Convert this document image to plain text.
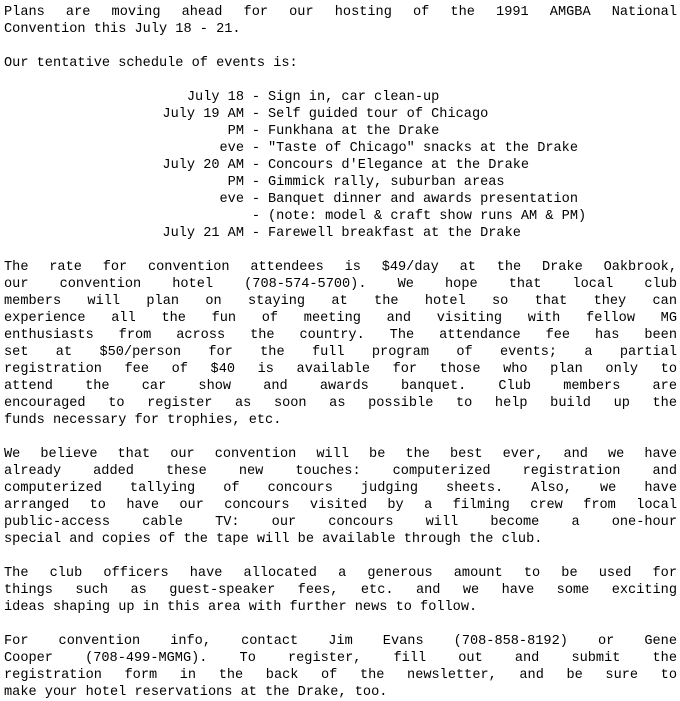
Plans are moving ahead for our hosting of the 1991 AMGBA National
Convention this July 18 - 21.
Our tentative schedule of events is:
July 18 - Sign in, car clean-up
July 19 AM - Self guided tour of Chicago
PM - Funkhana at the Drake
eve - "Taste of Chicago" snacks at the Drake
July 20 AM - Concours d'Elegance at the Drake
PM - Gimmick rally, suburban areas
eve - Banquet dinner and awards presentation
- (note: model & craft show runs AM & PM)
July 21 AM - Farewell breakfast at the Drake
The rate for convention attendees is $49/day at the Drake Oakbrook,
our convention hotel (708-574-5700). We hope that local club
members will plan on staying at the hotel so that they can
experience all the fun of meeting and visiting with fellow MG
enthusiasts from across the country. The attendance fee has been
set at $50/person for the full program of events; a partial
registration fee of $40 is available for those who plan only to
attend the car show and awards banquet. Club members are
encouraged to register as soon as possible to help build up the
funds necessary for trophies, etc.
We believe that our convention will be the best ever, and we have
already added these new touches: computerized registration and
computerized tallying of concours judging sheets. Also, we have
arranged to have our concours visited by a filming crew from local
public-access cable TV: our concours will become a one-hour
special and copies of the tape will be available through the club.
The club officers have allocated a generous amount to be used for
things such as guest-speaker fees, etc. and we have some exciting
ideas shaping up in this area with further news to follow.
For convention info, contact Jim Evans (708-858-8192) or Gene
Cooper (708-499-MGMG). To register, fill out and submit the
registration form in the back of the newsletter, and be sure to
make your hotel reservations at the Drake, too.
